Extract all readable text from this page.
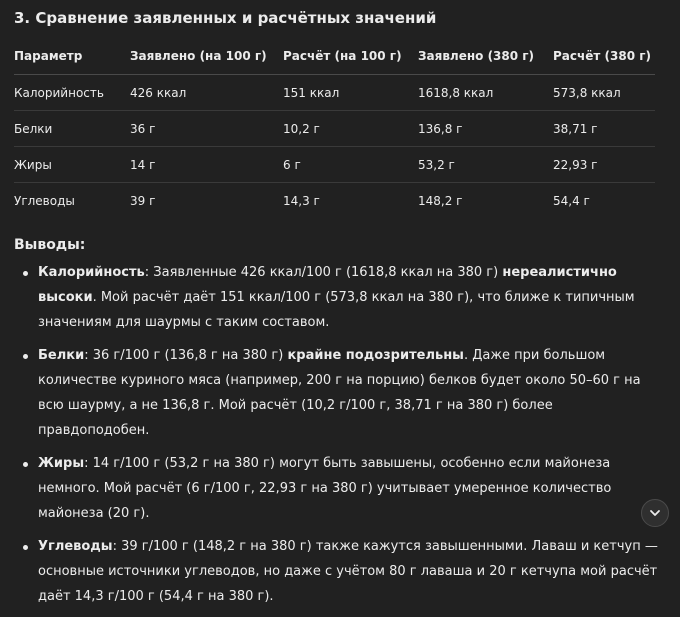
3. Сравнение заявленных и расчётных значений
Параметр	Заявлено (на 100 г)	Расчёт (на 100 г)	Заявлено (380 г)	Расчёт (380 г)
Калорийность	426 ккал	151 ккал	1618,8 ккал	573,8 ккал
Белки	36 г	10,2 г	136,8 г	38,71 г
Жиры	14 г	6 г	53,2 г	22,93 г
Углеводы	39 г	14,3 г	148,2 г	54,4 г
Выводы:
Калорийность: Заявленные 426 ккал/100 г (1618,8 ккал на 380 г) нереалистично высоки. Мой расчёт даёт 151 ккал/100 г (573,8 ккал на 380 г), что ближе к типичным значениям для шаурмы с таким составом.
Белки: 36 г/100 г (136,8 г на 380 г) крайне подозрительны. Даже при большом количестве куриного мяса (например, 200 г на порцию) белков будет около 50–60 г на всю шаурму, а не 136,8 г. Мой расчёт (10,2 г/100 г, 38,71 г на 380 г) более правдоподобен.
Жиры: 14 г/100 г (53,2 г на 380 г) могут быть завышены, особенно если майонеза немного. Мой расчёт (6 г/100 г, 22,93 г на 380 г) учитывает умеренное количество майонеза (20 г).
Углеводы: 39 г/100 г (148,2 г на 380 г) также кажутся завышенными. Лаваш и кетчуп — основные источники углеводов, но даже с учётом 80 г лаваша и 20 г кетчупа мой расчёт даёт 14,3 г/100 г (54,4 г на 380 г).
